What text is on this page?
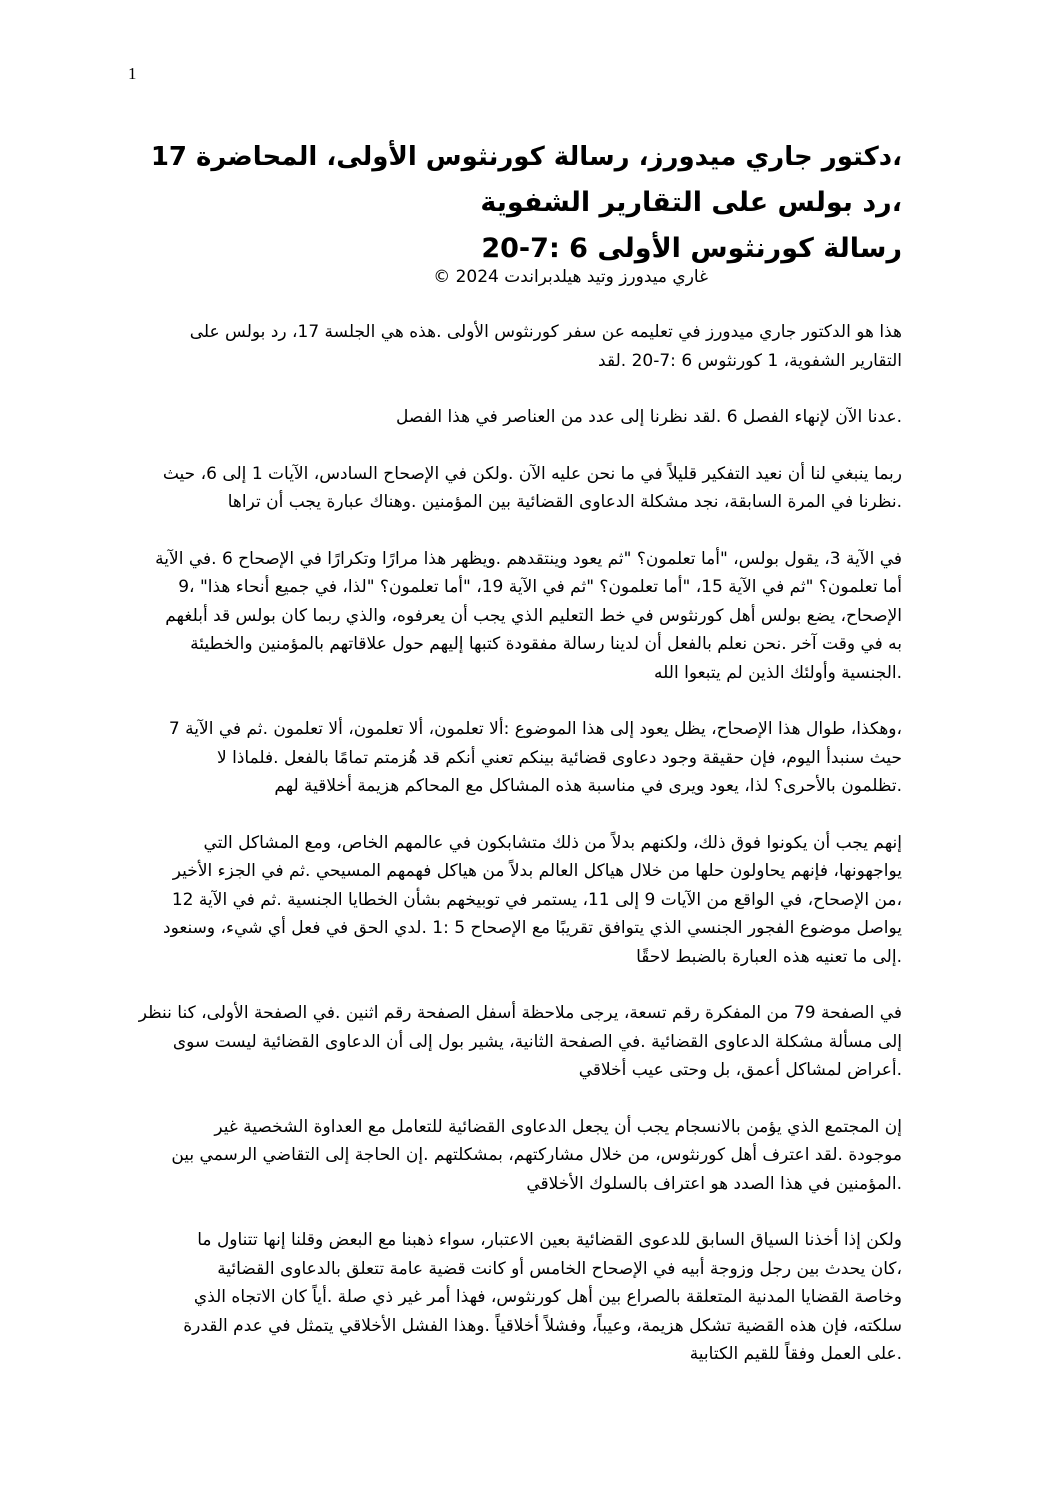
1
،دكتور جاري ميدورز، رسالة كورنثوس الأولى، المحاضرة 17
،رد بولس على التقارير الشفوية
رسالة كورنثوس الأولى 6 :7-20
غاري ميدورز وتيد هيلدبراندت 2024 ©

هذا هو الدكتور جاري ميدورز في تعليمه عن سفر كورنثوس الأولى .هذه هي الجلسة 17، رد بولس على
التقارير الشفوية، 1 كورنثوس 6 :7-20 .لقد

.عدنا الآن لإنهاء الفصل 6 .لقد نظرنا إلى عدد من العناصر في هذا الفصل

ربما ينبغي لنا أن نعيد التفكير قليلاً في ما نحن عليه الآن .ولكن في الإصحاح السادس، الآيات 1 إلى 6، حيث
.نظرنا في المرة السابقة، نجد مشكلة الدعاوى القضائية بين المؤمنين .وهناك عبارة يجب أن تراها

في الآية 3، يقول بولس، "أما تعلمون؟ "ثم يعود وينتقدهم .ويظهر هذا مرارًا وتكرارًا في الإصحاح 6 .في الآية
أما تعلمون؟ "ثم في الآية 15، "أما تعلمون؟ "ثم في الآية 19، "أما تعلمون؟ "لذا، في جميع أنحاء هذا" ،9
الإصحاح، يضع بولس أهل كورنثوس في خط التعليم الذي يجب أن يعرفوه، والذي ربما كان بولس قد أبلغهم
به في وقت آخر .نحن نعلم بالفعل أن لدينا رسالة مفقودة كتبها إليهم حول علاقاتهم بالمؤمنين والخطيئة
.الجنسية وأولئك الذين لم يتبعوا الله

،وهكذا، طوال هذا الإصحاح، يظل يعود إلى هذا الموضوع :ألا تعلمون، ألا تعلمون، ألا تعلمون .ثم في الآية 7
حيث سنبدأ اليوم، فإن حقيقة وجود دعاوى قضائية بينكم تعني أنكم قد هُزمتم تمامًا بالفعل .فلماذا لا
.تظلمون بالأحرى؟ لذا، يعود ويرى في مناسبة هذه المشاكل مع المحاكم هزيمة أخلاقية لهم

إنهم يجب أن يكونوا فوق ذلك، ولكنهم بدلاً من ذلك متشابكون في عالمهم الخاص، ومع المشاكل التي
يواجهونها، فإنهم يحاولون حلها من خلال هياكل العالم بدلاً من هياكل فهمهم المسيحي .ثم في الجزء الأخير
،من الإصحاح، في الواقع من الآيات 9 إلى 11، يستمر في توبيخهم بشأن الخطايا الجنسية .ثم في الآية 12
يواصل موضوع الفجور الجنسي الذي يتوافق تقريبًا مع الإصحاح 5 :1 .لدي الحق في فعل أي شيء، وسنعود
.إلى ما تعنيه هذه العبارة بالضبط لاحقًا

في الصفحة 79 من المفكرة رقم تسعة، يرجى ملاحظة أسفل الصفحة رقم اثنين .في الصفحة الأولى، كنا ننظر
إلى مسألة مشكلة الدعاوى القضائية .في الصفحة الثانية، يشير بول إلى أن الدعاوى القضائية ليست سوى
.أعراض لمشاكل أعمق، بل وحتى عيب أخلاقي

إن المجتمع الذي يؤمن بالانسجام يجب أن يجعل الدعاوى القضائية للتعامل مع العداوة الشخصية غير
موجودة .لقد اعترف أهل كورنثوس، من خلال مشاركتهم، بمشكلتهم .إن الحاجة إلى التقاضي الرسمي بين
.المؤمنين في هذا الصدد هو اعتراف بالسلوك الأخلاقي

ولكن إذا أخذنا السياق السابق للدعوى القضائية بعين الاعتبار، سواء ذهبنا مع البعض وقلنا إنها تتناول ما
،كان يحدث بين رجل وزوجة أبيه في الإصحاح الخامس أو كانت قضية عامة تتعلق بالدعاوى القضائية
وخاصة القضايا المدنية المتعلقة بالصراع بين أهل كورنثوس، فهذا أمر غير ذي صلة .أياً كان الاتجاه الذي
سلكته، فإن هذه القضية تشكل هزيمة، وعيباً، وفشلاً أخلاقياً .وهذا الفشل الأخلاقي يتمثل في عدم القدرة
.على العمل وفقاً للقيم الكتابية
